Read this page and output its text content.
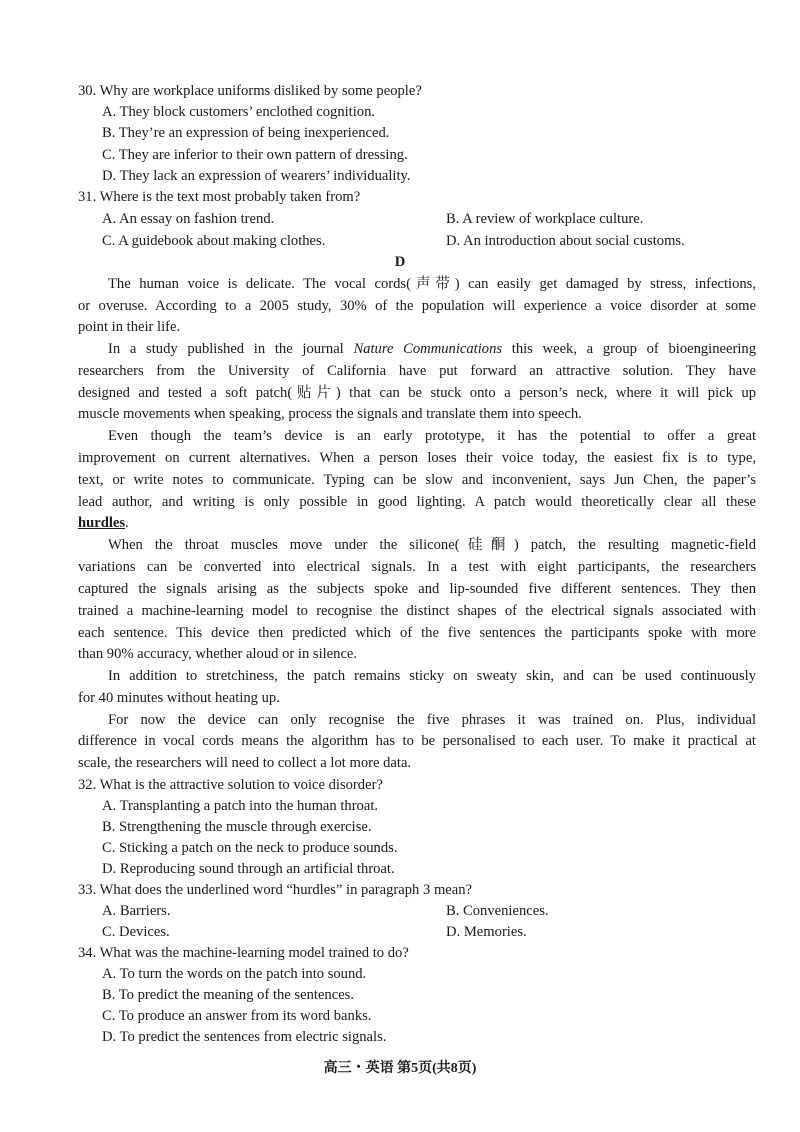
30. Why are workplace uniforms disliked by some people?
A. They block customers’ enclothed cognition.
B. They’re an expression of being inexperienced.
C. They are inferior to their own pattern of dressing.
D. They lack an expression of wearers’ individuality.
31. Where is the text most probably taken from?
A. An essay on fashion trend.	B. A review of workplace culture.
C. A guidebook about making clothes.	D. An introduction about social customs.
D
The human voice is delicate. The vocal cords(声带) can easily get damaged by stress, infections,
or overuse. According to a 2005 study, 30% of the population will experience a voice disorder at some
point in their life.
In a study published in the journal Nature Communications this week, a group of bioengineering
researchers from the University of California have put forward an attractive solution. They have
designed and tested a soft patch(贴片) that can be stuck onto a person’s neck, where it will pick up
muscle movements when speaking, process the signals and translate them into speech.
Even though the team’s device is an early prototype, it has the potential to offer a great
improvement on current alternatives. When a person loses their voice today, the easiest fix is to type,
text, or write notes to communicate. Typing can be slow and inconvenient, says Jun Chen, the paper’s
lead author, and writing is only possible in good lighting. A patch would theoretically clear all these
hurdles.
When the throat muscles move under the silicone(硅酮) patch, the resulting magnetic-field
variations can be converted into electrical signals. In a test with eight participants, the researchers
captured the signals arising as the subjects spoke and lip-sounded five different sentences. They then
trained a machine-learning model to recognise the distinct shapes of the electrical signals associated with
each sentence. This device then predicted which of the five sentences the participants spoke with more
than 90% accuracy, whether aloud or in silence.
In addition to stretchiness, the patch remains sticky on sweaty skin, and can be used continuously
for 40 minutes without heating up.
For now the device can only recognise the five phrases it was trained on. Plus, individual
difference in vocal cords means the algorithm has to be personalised to each user. To make it practical at
scale, the researchers will need to collect a lot more data.
32. What is the attractive solution to voice disorder?
A. Transplanting a patch into the human throat.
B. Strengthening the muscle through exercise.
C. Sticking a patch on the neck to produce sounds.
D. Reproducing sound through an artificial throat.
33. What does the underlined word “hurdles” in paragraph 3 mean?
A. Barriers.	B. Conveniences.
C. Devices.	D. Memories.
34. What was the machine-learning model trained to do?
A. To turn the words on the patch into sound.
B. To predict the meaning of the sentences.
C. To produce an answer from its word banks.
D. To predict the sentences from electric signals.
高三・英语 第5页(共8页)
